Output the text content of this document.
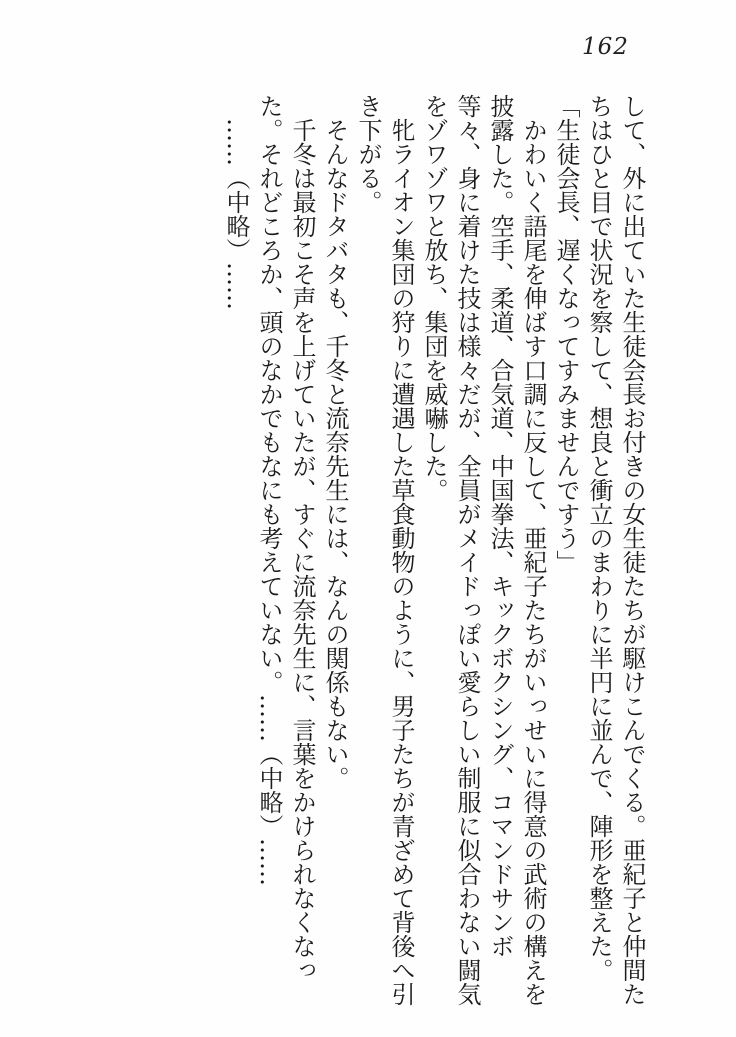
162

して、外に出ていた生徒会長お付きの女生徒たちが駆けこんでくる。亜紀子と仲間たちはひと目で状況を察して、想良と衝立のまわりに半円に並んで、陣形を整えた。

「生徒会長、遅くなってすみませんですう」

かわいく語尾を伸ばす口調に反して、亜紀子たちがいっせいに得意の武術の構えを披露した。空手、柔道、合気道、中国拳法、キックボクシング、コマンドサンボ等々、身に着けた技は様々だが、全員がメイドっぽい愛らしい制服に似合わない闘気をゾワゾワと放ち、集団を威嚇した。

牝ライオン集団の狩りに遭遇した草食動物のように、男子たちが青ざめて背後へ引き下がる。

そんなドタバタも、千冬と流奈先生には、なんの関係もない。

千冬は最初こそ声を上げていたが、すぐに流奈先生に、言葉をかけられなくなった。それどころか、頭のなかでもなにも考えていない。……（中略）……

……（中略）……
